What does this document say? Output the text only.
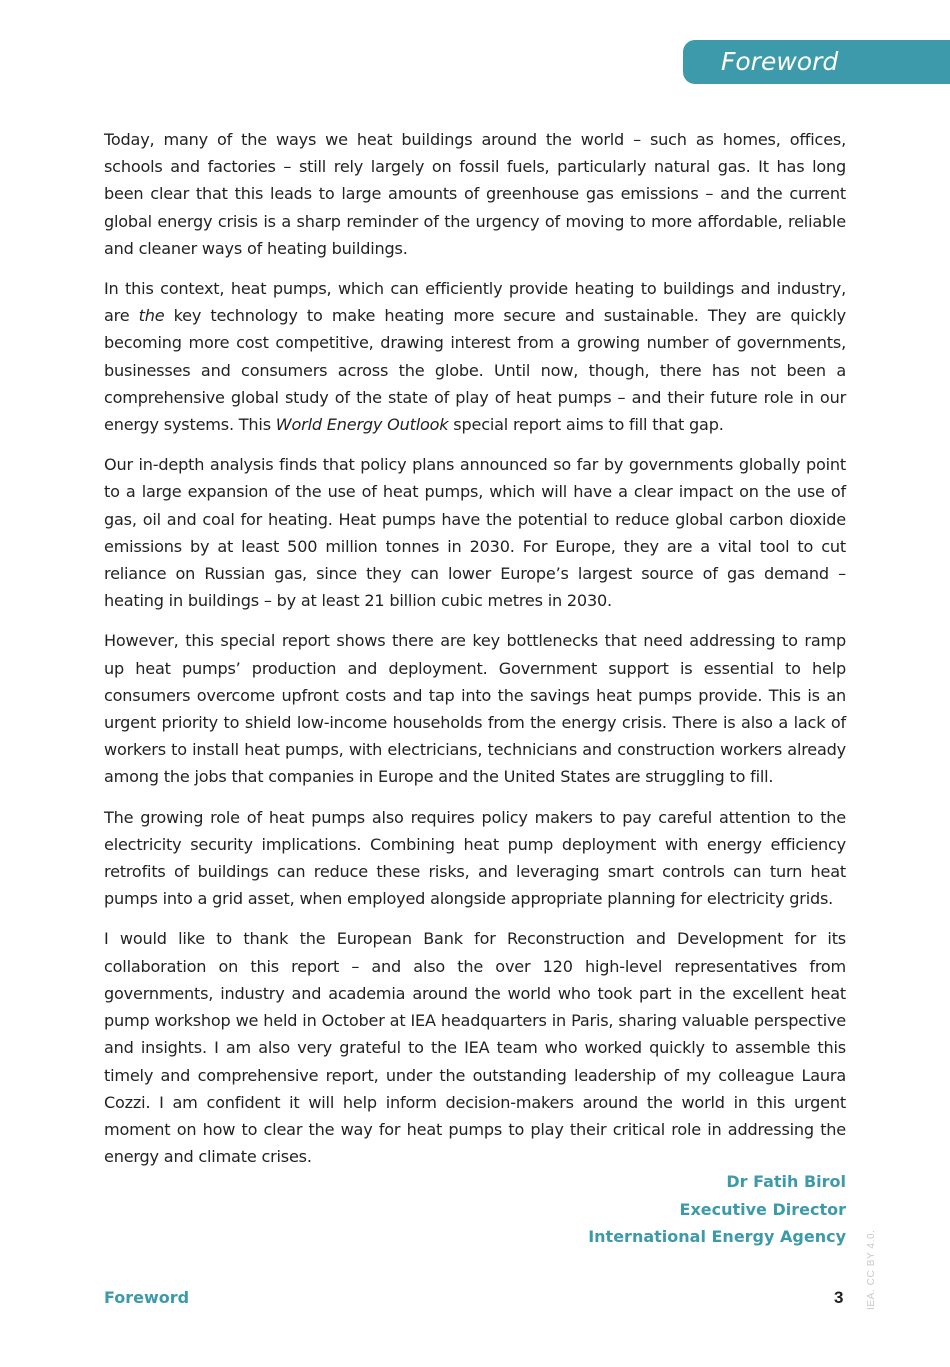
Foreword

Today, many of the ways we heat buildings around the world – such as homes, offices, schools and factories – still rely largely on fossil fuels, particularly natural gas. It has long been clear that this leads to large amounts of greenhouse gas emissions – and the current global energy crisis is a sharp reminder of the urgency of moving to more affordable, reliable and cleaner ways of heating buildings.

In this context, heat pumps, which can efficiently provide heating to buildings and industry, are the key technology to make heating more secure and sustainable. They are quickly becoming more cost competitive, drawing interest from a growing number of governments, businesses and consumers across the globe. Until now, though, there has not been a comprehensive global study of the state of play of heat pumps – and their future role in our energy systems. This World Energy Outlook special report aims to fill that gap.

Our in-depth analysis finds that policy plans announced so far by governments globally point to a large expansion of the use of heat pumps, which will have a clear impact on the use of gas, oil and coal for heating. Heat pumps have the potential to reduce global carbon dioxide emissions by at least 500 million tonnes in 2030. For Europe, they are a vital tool to cut reliance on Russian gas, since they can lower Europe’s largest source of gas demand – heating in buildings – by at least 21 billion cubic metres in 2030.

However, this special report shows there are key bottlenecks that need addressing to ramp up heat pumps’ production and deployment. Government support is essential to help consumers overcome upfront costs and tap into the savings heat pumps provide. This is an urgent priority to shield low-income households from the energy crisis. There is also a lack of workers to install heat pumps, with electricians, technicians and construction workers already among the jobs that companies in Europe and the United States are struggling to fill.

The growing role of heat pumps also requires policy makers to pay careful attention to the electricity security implications. Combining heat pump deployment with energy efficiency retrofits of buildings can reduce these risks, and leveraging smart controls can turn heat pumps into a grid asset, when employed alongside appropriate planning for electricity grids.

I would like to thank the European Bank for Reconstruction and Development for its collaboration on this report – and also the over 120 high-level representatives from governments, industry and academia around the world who took part in the excellent heat pump workshop we held in October at IEA headquarters in Paris, sharing valuable perspective and insights. I am also very grateful to the IEA team who worked quickly to assemble this timely and comprehensive report, under the outstanding leadership of my colleague Laura Cozzi. I am confident it will help inform decision-makers around the world in this urgent moment on how to clear the way for heat pumps to play their critical role in addressing the energy and climate crises.

Dr Fatih Birol
Executive Director
International Energy Agency
Foreword	3 IEA. CC BY 4.0.
